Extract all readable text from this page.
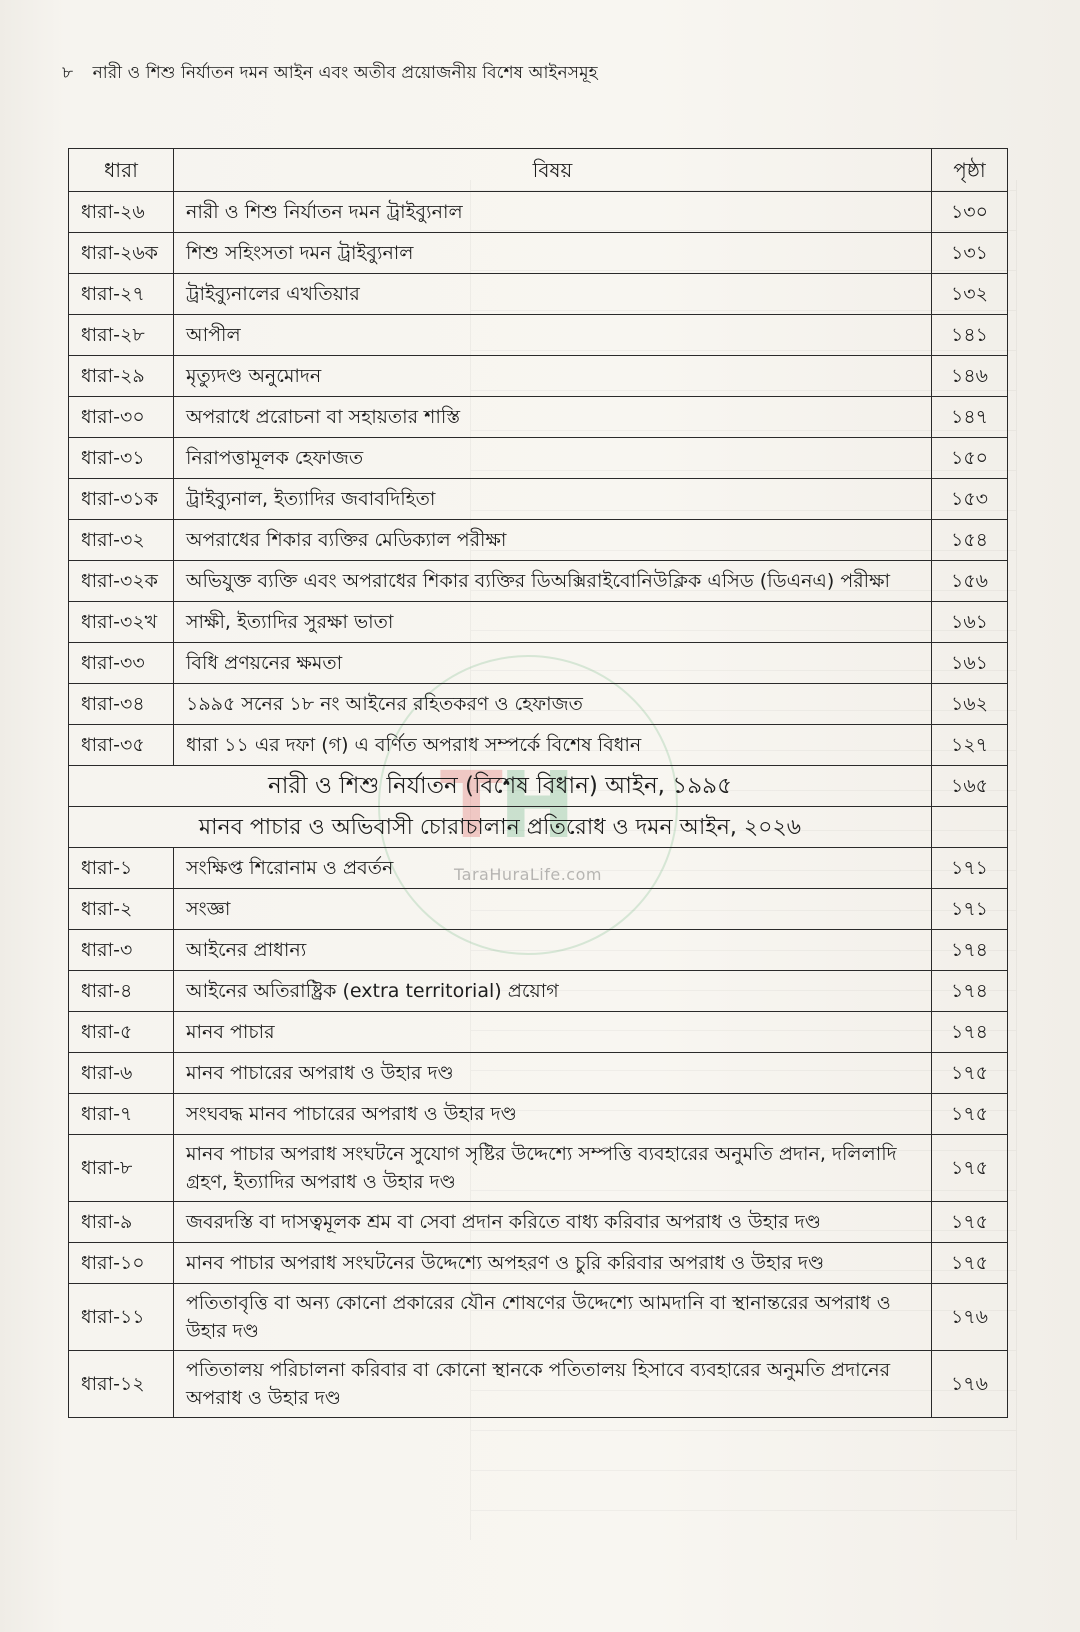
৮ নারী ও শিশু নির্যাতন দমন আইন এবং অতীব প্রয়োজনীয় বিশেষ আইনসমূহ
TH
TaraHuraLife.com
ধারা	বিষয়	পৃষ্ঠা
ধারা-২৬	নারী ও শিশু নির্যাতন দমন ট্রাইব্যুনাল	১৩০
ধারা-২৬ক	শিশু সহিংসতা দমন ট্রাইব্যুনাল	১৩১
ধারা-২৭	ট্রাইব্যুনালের এখতিয়ার	১৩২
ধারা-২৮	আপীল	১৪১
ধারা-২৯	মৃত্যুদণ্ড অনুমোদন	১৪৬
ধারা-৩০	অপরাধে প্ররোচনা বা সহায়তার শাস্তি	১৪৭
ধারা-৩১	নিরাপত্তামূলক হেফাজত	১৫০
ধারা-৩১ক	ট্রাইব্যুনাল, ইত্যাদির জবাবদিহিতা	১৫৩
ধারা-৩২	অপরাধের শিকার ব্যক্তির মেডিক্যাল পরীক্ষা	১৫৪
ধারা-৩২ক	অভিযুক্ত ব্যক্তি এবং অপরাধের শিকার ব্যক্তির ডিঅক্সিরাইবোনিউক্লিক এসিড (ডিএনএ) পরীক্ষা	১৫৬
ধারা-৩২খ	সাক্ষী, ইত্যাদির সুরক্ষা ভাতা	১৬১
ধারা-৩৩	বিধি প্রণয়নের ক্ষমতা	১৬১
ধারা-৩৪	১৯৯৫ সনের ১৮ নং আইনের রহিতকরণ ও হেফাজত	১৬২
ধারা-৩৫	ধারা ১১ এর দফা (গ) এ বর্ণিত অপরাধ সম্পর্কে বিশেষ বিধান	১২৭
নারী ও শিশু নির্যাতন (বিশেষ বিধান) আইন, ১৯৯৫		১৬৫
মানব পাচার ও অভিবাসী চোরাচালান প্রতিরোধ ও দমন আইন, ২০২৬		
ধারা-১	সংক্ষিপ্ত শিরোনাম ও প্রবর্তন	১৭১
ধারা-২	সংজ্ঞা	১৭১
ধারা-৩	আইনের প্রাধান্য	১৭৪
ধারা-৪	আইনের অতিরাষ্ট্রিক (extra territorial) প্রয়োগ	১৭৪
ধারা-৫	মানব পাচার	১৭৪
ধারা-৬	মানব পাচারের অপরাধ ও উহার দণ্ড	১৭৫
ধারা-৭	সংঘবদ্ধ মানব পাচারের অপরাধ ও উহার দণ্ড	১৭৫
ধারা-৮	মানব পাচার অপরাধ সংঘটনে সুযোগ সৃষ্টির উদ্দেশ্যে সম্পত্তি ব্যবহারের অনুমতি প্রদান, দলিলাদি গ্রহণ, ইত্যাদির অপরাধ ও উহার দণ্ড	১৭৫
ধারা-৯	জবরদস্তি বা দাসত্বমূলক শ্রম বা সেবা প্রদান করিতে বাধ্য করিবার অপরাধ ও উহার দণ্ড	১৭৫
ধারা-১০	মানব পাচার অপরাধ সংঘটনের উদ্দেশ্যে অপহরণ ও চুরি করিবার অপরাধ ও উহার দণ্ড	১৭৫
ধারা-১১	পতিতাবৃত্তি বা অন্য কোনো প্রকারের যৌন শোষণের উদ্দেশ্যে আমদানি বা স্থানান্তরের অপরাধ ও উহার দণ্ড	১৭৬
ধারা-১২	পতিতালয় পরিচালনা করিবার বা কোনো স্থানকে পতিতালয় হিসাবে ব্যবহারের অনুমতি প্রদানের অপরাধ ও উহার দণ্ড	১৭৬
